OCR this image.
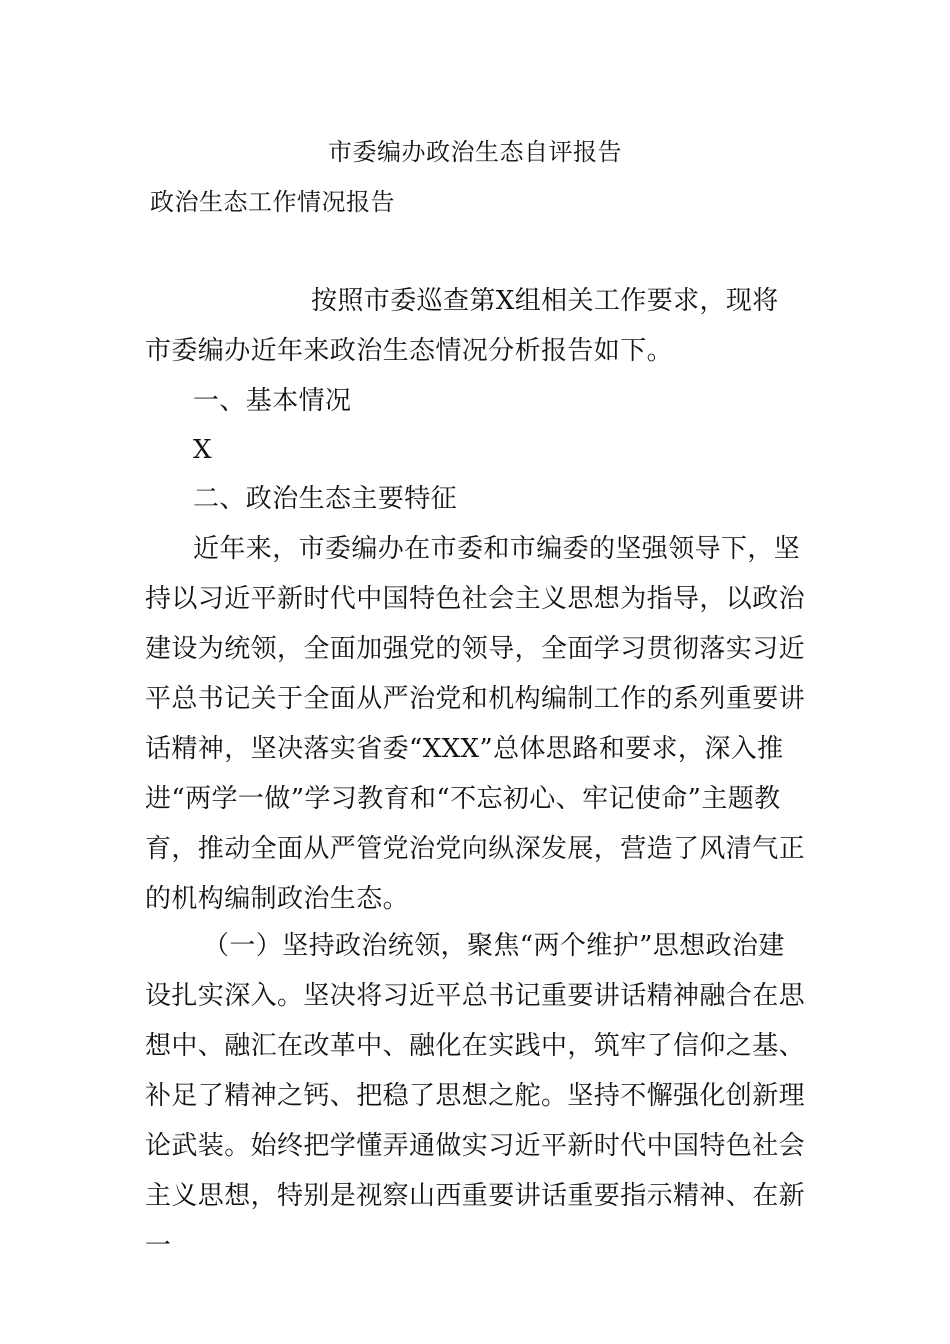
市委编办政治生态自评报告
政治生态工作情况报告

按照市委巡查第X组相关工作要求，现将市委编办近年来政治生态情况分析报告如下。

一、基本情况

X

二、政治生态主要特征

近年来，市委编办在市委和市编委的坚强领导下，坚持以习近平新时代中国特色社会主义思想为指导，以政治建设为统领，全面加强党的领导，全面学习贯彻落实习近平总书记关于全面从严治党和机构编制工作的系列重要讲话精神，坚决落实省委“XXX”总体思路和要求，深入推进“两学一做”学习教育和“不忘初心、牢记使命”主题教育，推动全面从严管党治党向纵深发展，营造了风清气正的机构编制政治生态。

（一）坚持政治统领，聚焦“两个维护”思想政治建设扎实深入。坚决将习近平总书记重要讲话精神融合在思想中、融汇在改革中、融化在实践中，筑牢了信仰之基、补足了精神之钙、把稳了思想之舵。坚持不懈强化创新理论武装。始终把学懂弄通做实习近平新时代中国特色社会主义思想，特别是视察山西重要讲话重要指示精神、在新一
